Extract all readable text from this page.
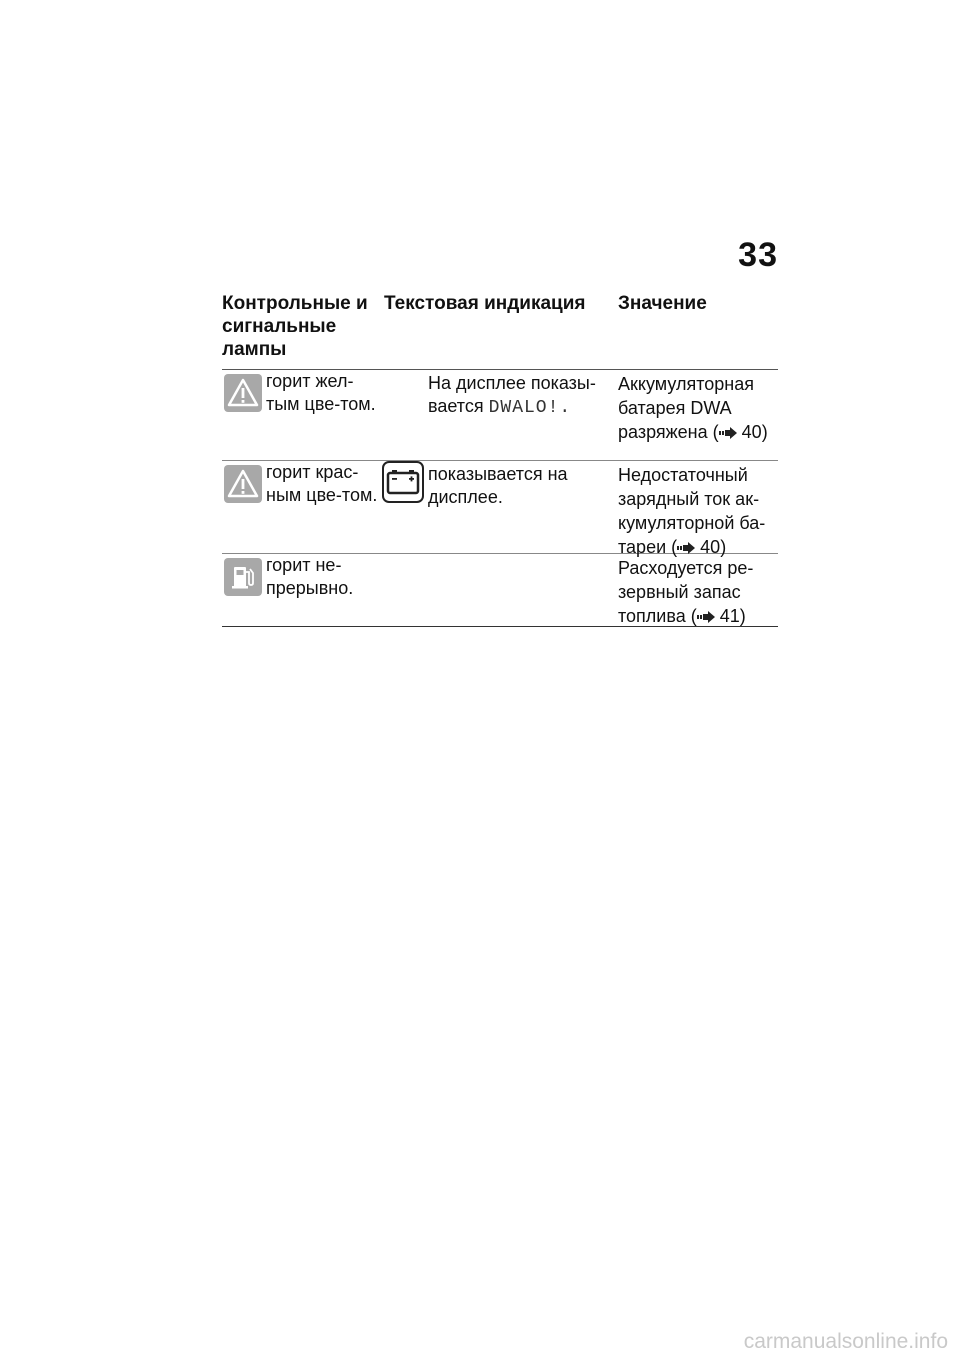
33
Контрольные и сигнальные лампы
Текстовая индикация	Значение
горит жел-тым цве-том.
На дисплее показы-вается DWALO!.
Аккумуляторная батарея DWA разряжена ( 40)
горит крас-ным цве-том.
показывается на дисплее.
Недостаточный зарядный ток ак-кумуляторной ба-тареи ( 40)
горит не-прерывно.
Расходуется ре-зервный запас топлива ( 41)
carmanualsonline.info
